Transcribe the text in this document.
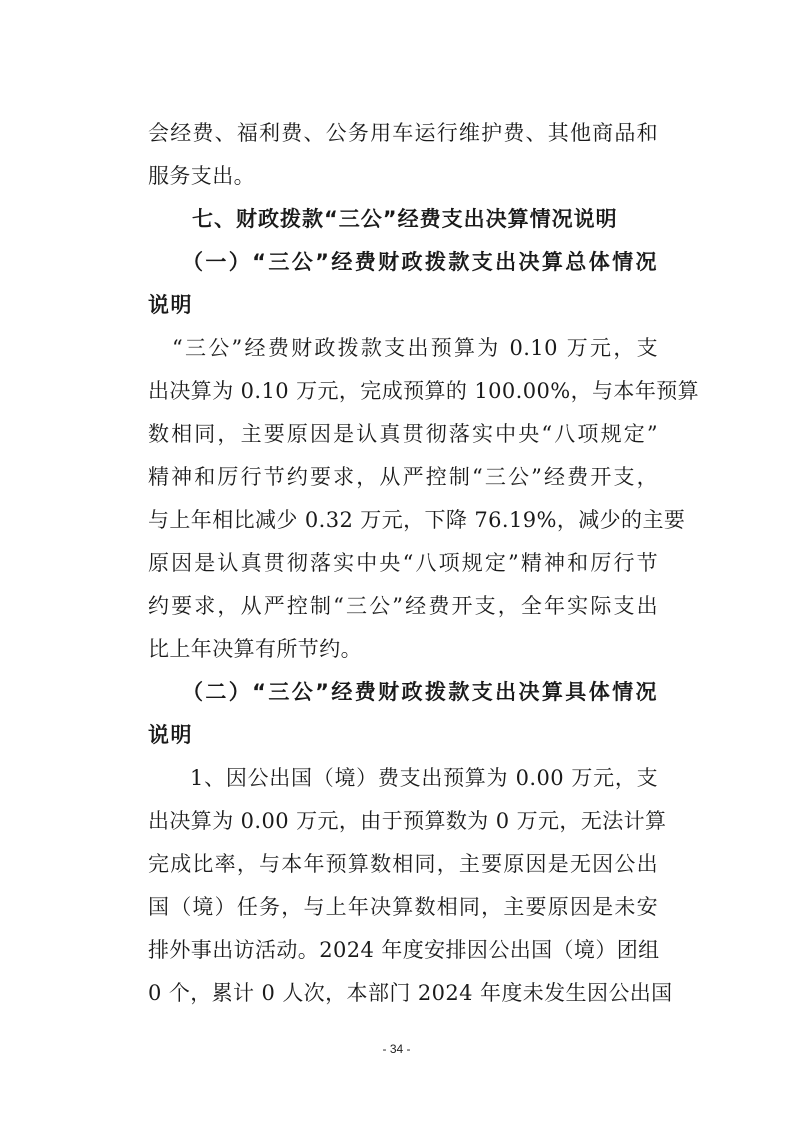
会经费、福利费、公务用车运行维护费、其他商品和
服务支出。
七、财政拨款“三公”经费支出决算情况说明
（一）“三公”经费财政拨款支出决算总体情况
说明
“三公”经费财政拨款支出预算为 0.10 万元，支
出决算为 0.10 万元，完成预算的 100.00%，与本年预算
数相同，主要原因是认真贯彻落实中央“八项规定”
精神和厉行节约要求，从严控制“三公”经费开支，
与上年相比减少 0.32 万元，下降 76.19%，减少的主要
原因是认真贯彻落实中央“八项规定”精神和厉行节
约要求，从严控制“三公”经费开支，全年实际支出
比上年决算有所节约。
（二）“三公”经费财政拨款支出决算具体情况
说明
1、因公出国（境）费支出预算为 0.00 万元，支
出决算为 0.00 万元，由于预算数为 0 万元，无法计算
完成比率，与本年预算数相同，主要原因是无因公出
国（境）任务，与上年决算数相同，主要原因是未安
排外事出访活动。2024 年度安排因公出国（境）团组
0 个，累计 0 人次，本部门 2024 年度未发生因公出国
- 34 -
